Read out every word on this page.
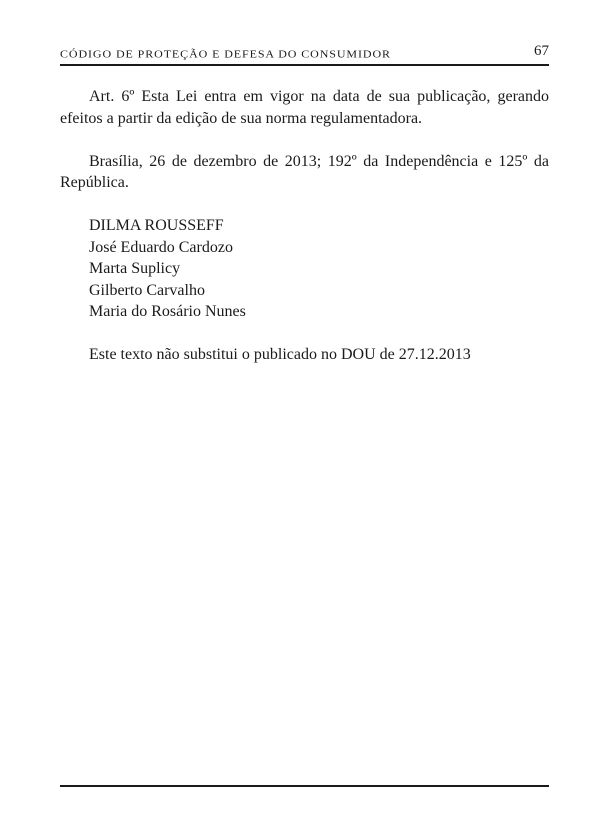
CÓDIGO DE PROTEÇÃO E DEFESA DO CONSUMIDOR	67

Art. 6º Esta Lei entra em vigor na data de sua publicação, gerando efeitos a partir da edição de sua norma regulamentadora.

Brasília, 26 de dezembro de 2013; 192º da Independência e 125º da República.

DILMA ROUSSEFF
José Eduardo Cardozo
Marta Suplicy
Gilberto Carvalho
Maria do Rosário Nunes

Este texto não substitui o publicado no DOU de 27.12.2013
